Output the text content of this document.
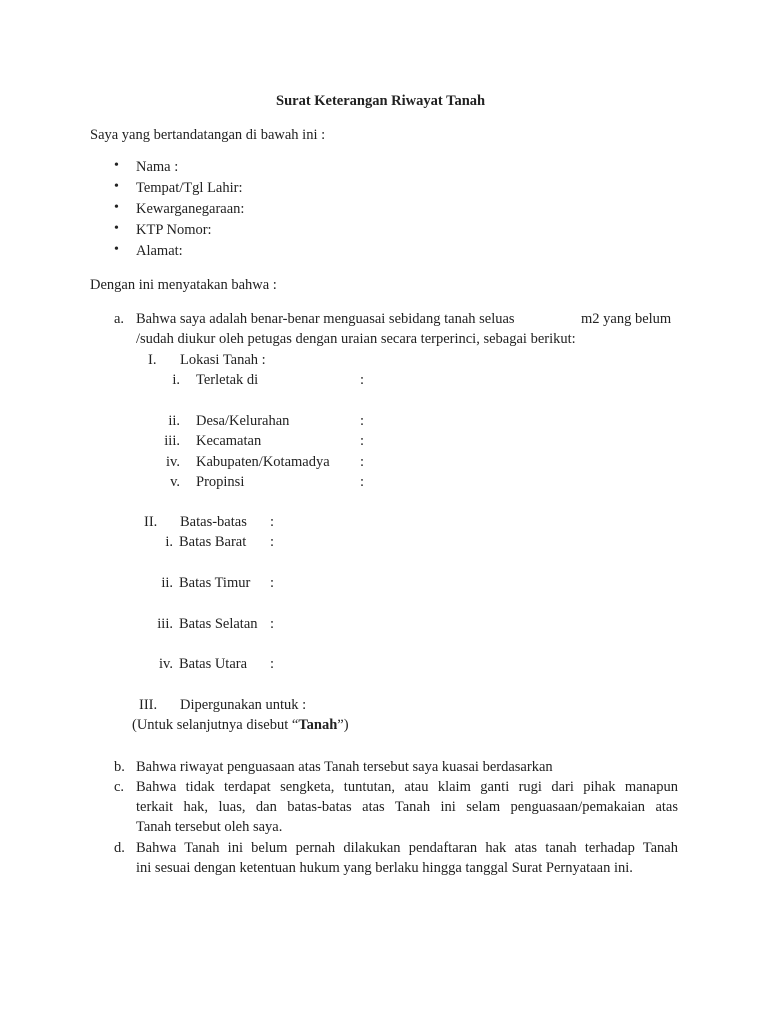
Surat Keterangan Riwayat Tanah
Saya yang bertandatangan di bawah ini :
• Nama :
• Tempat/Tgl Lahir:
• Kewarganegaraan:
• KTP Nomor:
• Alamat:
Dengan ini menyatakan bahwa :
a. Bahwa saya adalah benar-benar menguasai sebidang tanah seluas	m2 yang belum
/sudah diukur oleh petugas dengan uraian secara terperinci, sebagai berikut:
I. Lokasi Tanah :
i. Terletak di	:
ii. Desa/Kelurahan	:
iii. Kecamatan	:
iv. Kabupaten/Kotamadya :
v. Propinsi	:
II. Batas-batas :
i. Batas Barat :
ii. Batas Timur :
iii. Batas Selatan :
iv. Batas Utara :
III. Dipergunakan untuk :
(Untuk selanjutnya disebut “Tanah”)
b. Bahwa riwayat penguasaan atas Tanah tersebut saya kuasai berdasarkan
c. Bahwa tidak terdapat sengketa, tuntutan, atau klaim ganti rugi dari pihak manapun
terkait hak, luas, dan batas-batas atas Tanah ini selam penguasaan/pemakaian atas
Tanah tersebut oleh saya.
d. Bahwa Tanah ini belum pernah dilakukan pendaftaran hak atas tanah terhadap Tanah
ini sesuai dengan ketentuan hukum yang berlaku hingga tanggal Surat Pernyataan ini.
